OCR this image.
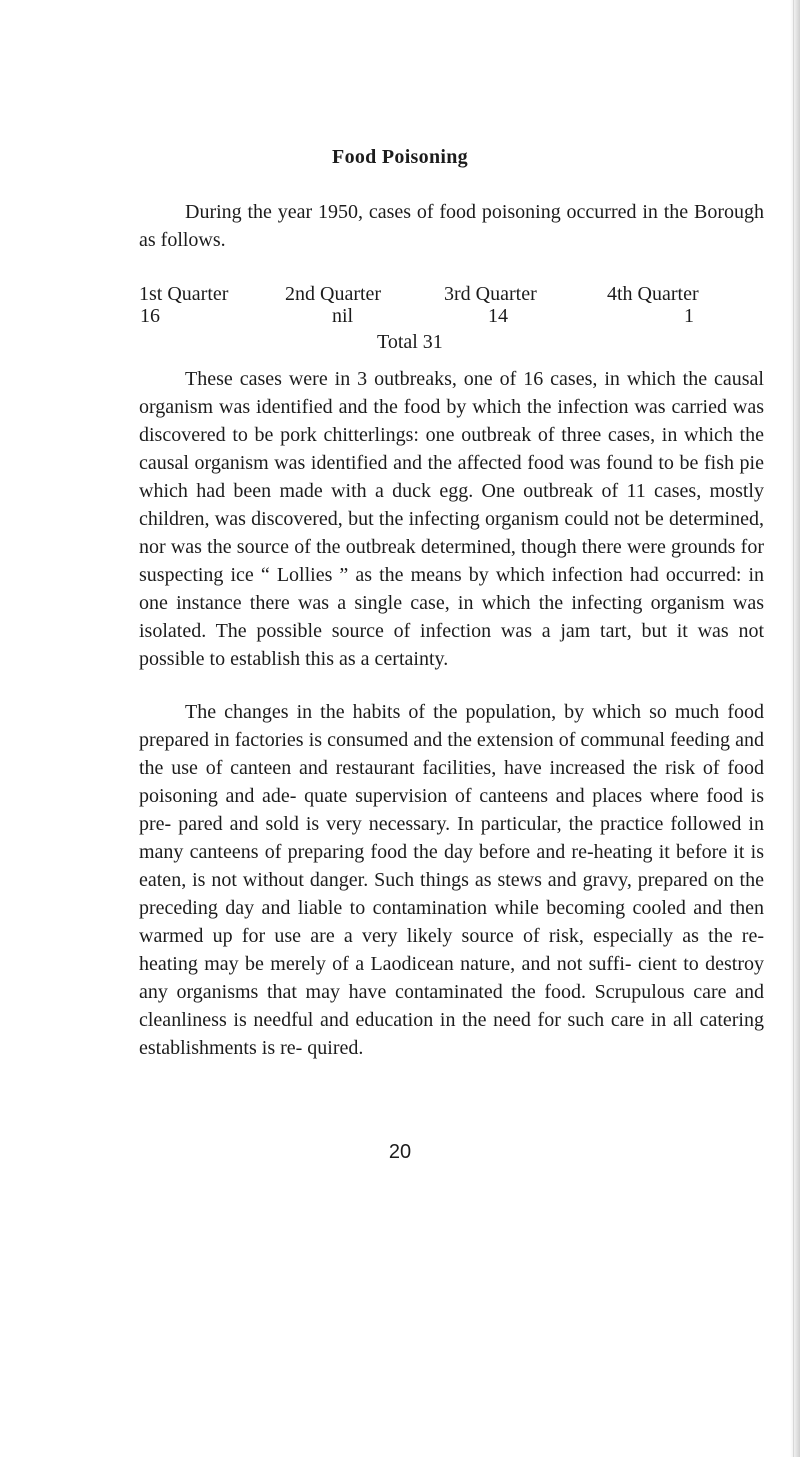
Food Poisoning

During the year 1950, cases of food poisoning occurred in the Borough as follows.

1st Quarter	2nd Quarter	3rd Quarter	4th Quarter
16	nil	14	1
Total 31

These cases were in 3 outbreaks, one of 16 cases, in which the causal organism was identified and the food by which the infection was carried was discovered to be pork chitterlings: one outbreak of three cases, in which the causal organism was identified and the affected food was found to be fish pie which had been made with a duck egg. One outbreak of 11 cases, mostly children, was discovered, but the infecting organism could not be determined, nor was the source of the outbreak determined, though there were grounds for suspecting ice “ Lollies ” as the means by which infection had occurred: in one instance there was a single case, in which the infecting organism was isolated. The possible source of infection was a jam tart, but it was not possible to establish this as a certainty.

The changes in the habits of the population, by which so much food prepared in factories is consumed and the extension of communal feeding and the use of canteen and restaurant facilities, have increased the risk of food poisoning and ade- quate supervision of canteens and places where food is pre- pared and sold is very necessary. In particular, the practice followed in many canteens of preparing food the day before and re-heating it before it is eaten, is not without danger. Such things as stews and gravy, prepared on the preceding day and liable to contamination while becoming cooled and then warmed up for use are a very likely source of risk, especially as the re- heating may be merely of a Laodicean nature, and not suffi- cient to destroy any organisms that may have contaminated the food. Scrupulous care and cleanliness is needful and education in the need for such care in all catering establishments is re- quired.

20
